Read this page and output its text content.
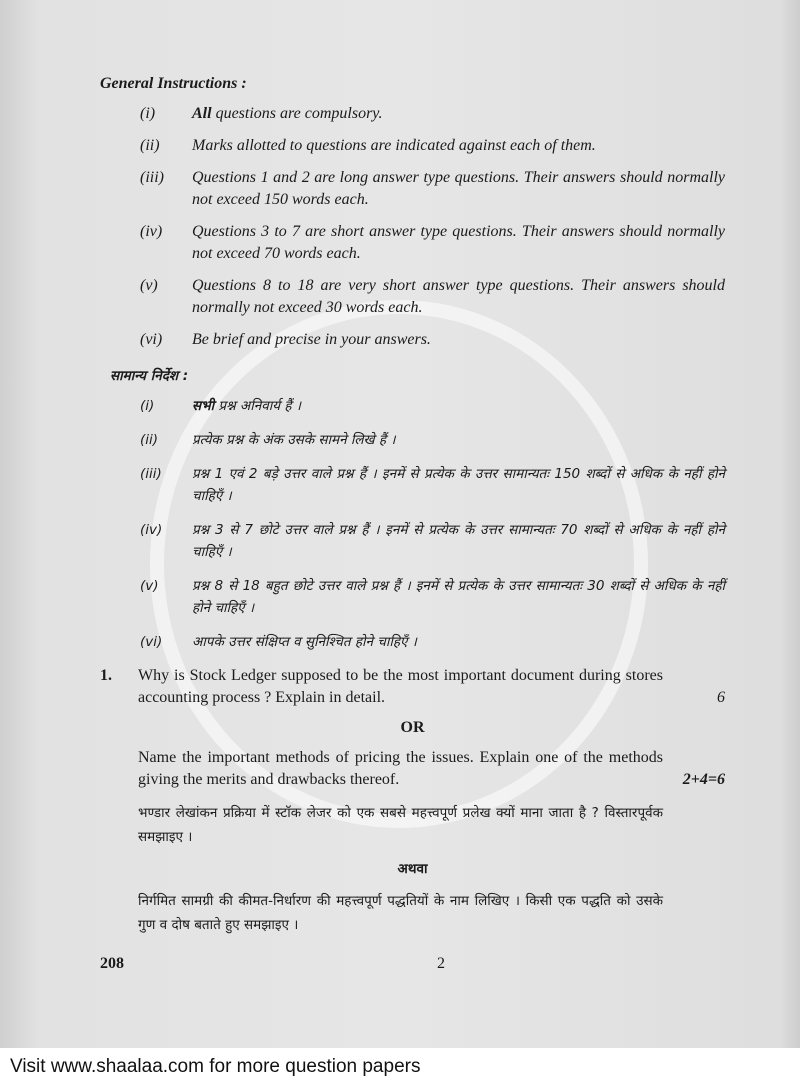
General Instructions :
(i)	All questions are compulsory.
(ii)	Marks allotted to questions are indicated against each of them.
(iii)	Questions 1 and 2 are long answer type questions. Their answers should normally not exceed 150 words each.
(iv)	Questions 3 to 7 are short answer type questions. Their answers should normally not exceed 70 words each.
(v)	Questions 8 to 18 are very short answer type questions. Their answers should normally not exceed 30 words each.
(vi)	Be brief and precise in your answers.
सामान्य निर्देश :
(i)	सभी प्रश्न अनिवार्य हैं ।
(ii)	प्रत्येक प्रश्न के अंक उसके सामने लिखे हैं ।
(iii)	प्रश्न 1 एवं 2 बड़े उत्तर वाले प्रश्न हैं । इनमें से प्रत्येक के उत्तर सामान्यतः 150 शब्दों से अधिक के नहीं होने चाहिएँ ।
(iv)	प्रश्न 3 से 7 छोटे उत्तर वाले प्रश्न हैं । इनमें से प्रत्येक के उत्तर सामान्यतः 70 शब्दों से अधिक के नहीं होने चाहिएँ ।
(v)	प्रश्न 8 से 18 बहुत छोटे उत्तर वाले प्रश्न हैं । इनमें से प्रत्येक के उत्तर सामान्यतः 30 शब्दों से अधिक के नहीं होने चाहिएँ ।
(vi)	आपके उत्तर संक्षिप्त व सुनिश्चित होने चाहिएँ ।
1.	Why is Stock Ledger supposed to be the most important document during stores accounting process ? Explain in detail.	6
OR
Name the important methods of pricing the issues. Explain one of the methods giving the merits and drawbacks thereof.	2+4=6
भण्डार लेखांकन प्रक्रिया में स्टॉक लेजर को एक सबसे महत्त्वपूर्ण प्रलेख क्यों माना जाता है ? विस्तारपूर्वक समझाइए ।
अथवा
निर्गमित सामग्री की कीमत-निर्धारण की महत्त्वपूर्ण पद्धतियों के नाम लिखिए । किसी एक पद्धति को उसके गुण व दोष बताते हुए समझाइए ।
208	2
Visit www.shaalaa.com for more question papers
